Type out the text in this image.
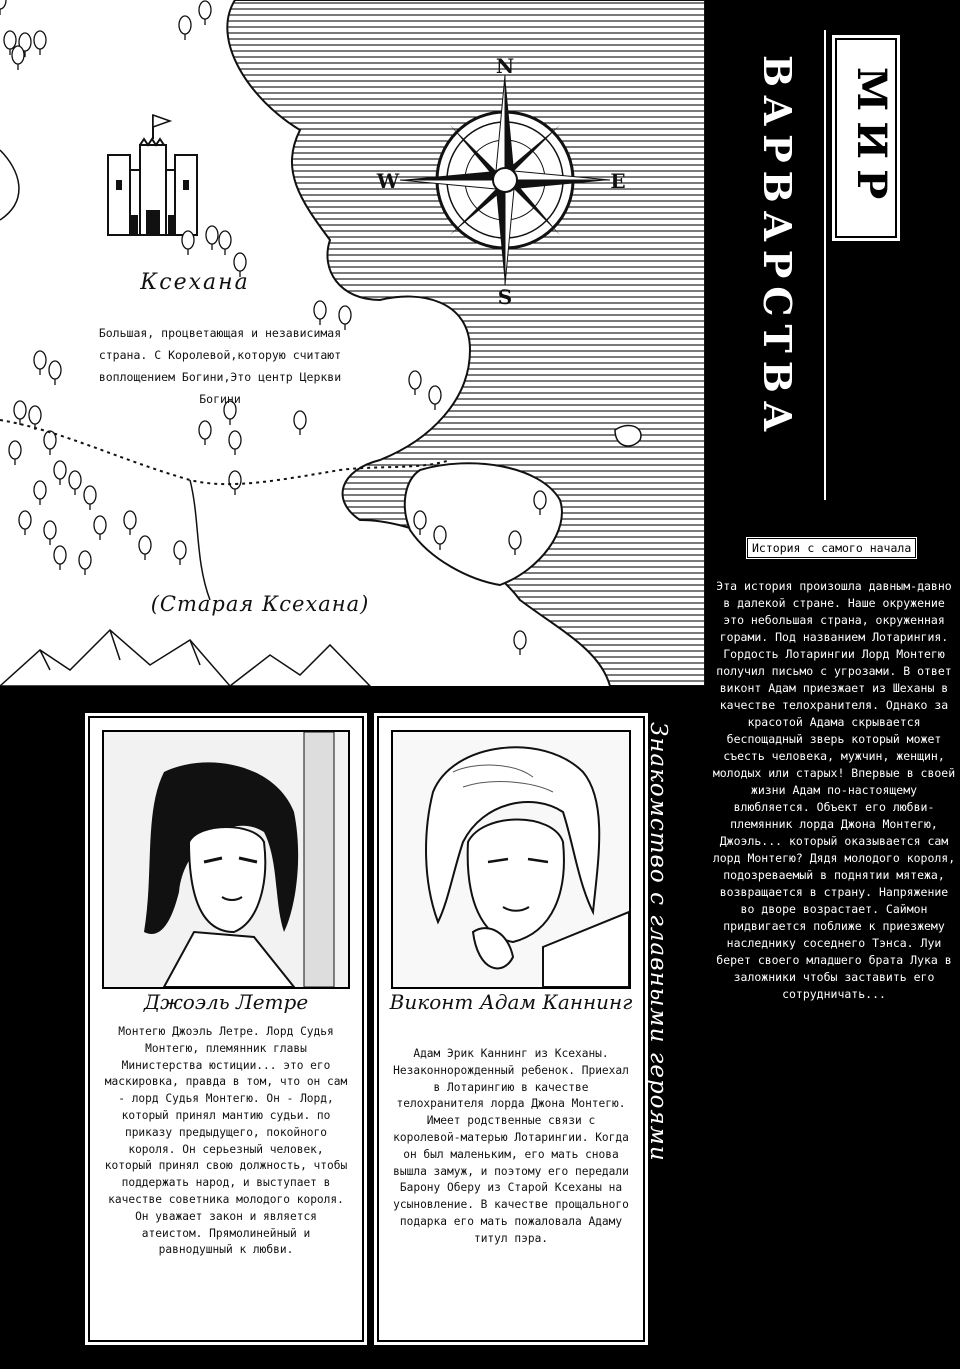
N
S
E
W
Ксехана
Большая, процветающая и независимая страна. С Королевой,которую считают воплощением Богини,Это центр Церкви Богини
(Старая Ксехана)
МИР
ВАРВАРСТВА
История с самого начала
Эта история произошла давным-давно в далекой стране. Наше окружение это небольшая страна, окруженная горами. Под названием Лотарингия. Гордость Лотарингии Лорд Монтегю получил письмо с угрозами. В ответ виконт Адам приезжает из Шеханы в качестве телохранителя. Однако за красотой Адама скрывается беспощадный зверь который может съесть человека, мужчин, женщин, молодых или старых! Впервые в своей жизни Адам по-настоящему влюбляется. Объект его любви-племянник лорда Джона Монтегю, Джоэль... который оказывается сам лорд Монтегю? Дядя молодого короля, подозреваемый в поднятии мятежа, возвращается в страну. Напряжение во дворе возрастает. Саймон придвигается поближе к приезжему наследнику соседнего Тэнса. Луи берет своего младшего брата Лука в заложники чтобы заставить его сотрудничать...
Знакомство с главными героями
Джоэль Летре
Монтегю Джоэль Летре. Лорд Судья Монтегю, племянник главы Министерства юстиции... это его маскировка, правда в том, что он сам - лорд Судья Монтегю. Он - Лорд, который принял мантию судьи. по приказу предыдущего, покойного короля. Он серьезный человек, который принял свою должность, чтобы поддержать народ, и выступает в качестве советника молодого короля. Он уважает закон и является атеистом. Прямолинейный и равнодушный к любви.
Виконт Адам Каннинг
Адам Эрик Каннинг из Ксеханы. Незаконнорожденный ребенок. Приехал в Лотарингию в качестве телохранителя лорда Джона Монтегю. Имеет родственные связи с королевой-матерью Лотарингии. Когда он был маленьким, его мать снова вышла замуж, и поэтому его передали Барону Оберу из Старой Ксеханы на усыновление. В качестве прощального подарка его мать пожаловала Адаму титул пэра.
